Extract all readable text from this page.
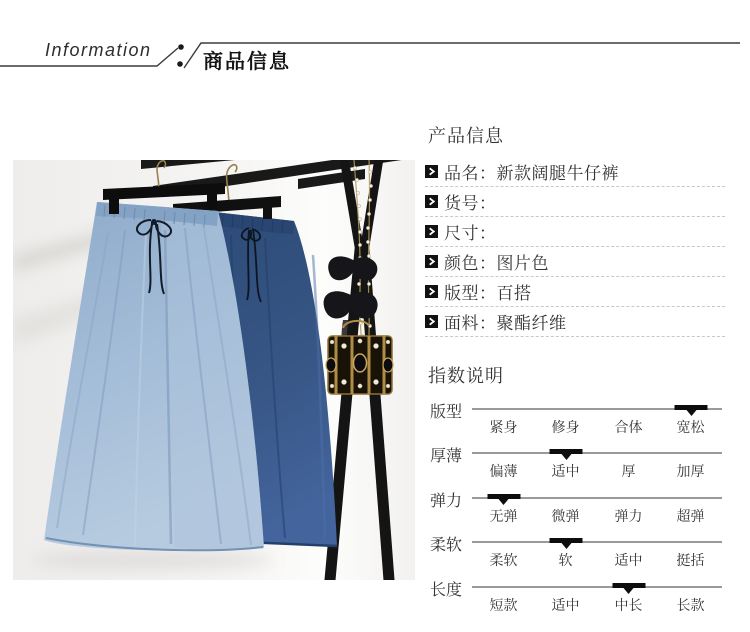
Information
商品信息
产品信息
品名：新款阔腿牛仔裤
货号：
尺寸：
颜色：图片色
版型：百搭
面料：聚酯纤维
指数说明
版型
紧身	修身	合体	宽松
厚薄
偏薄	适中	厚	加厚
弹力
无弹	微弹	弹力	超弹
柔软
柔软	软	适中	挺括
长度
短款	适中	中长	长款
